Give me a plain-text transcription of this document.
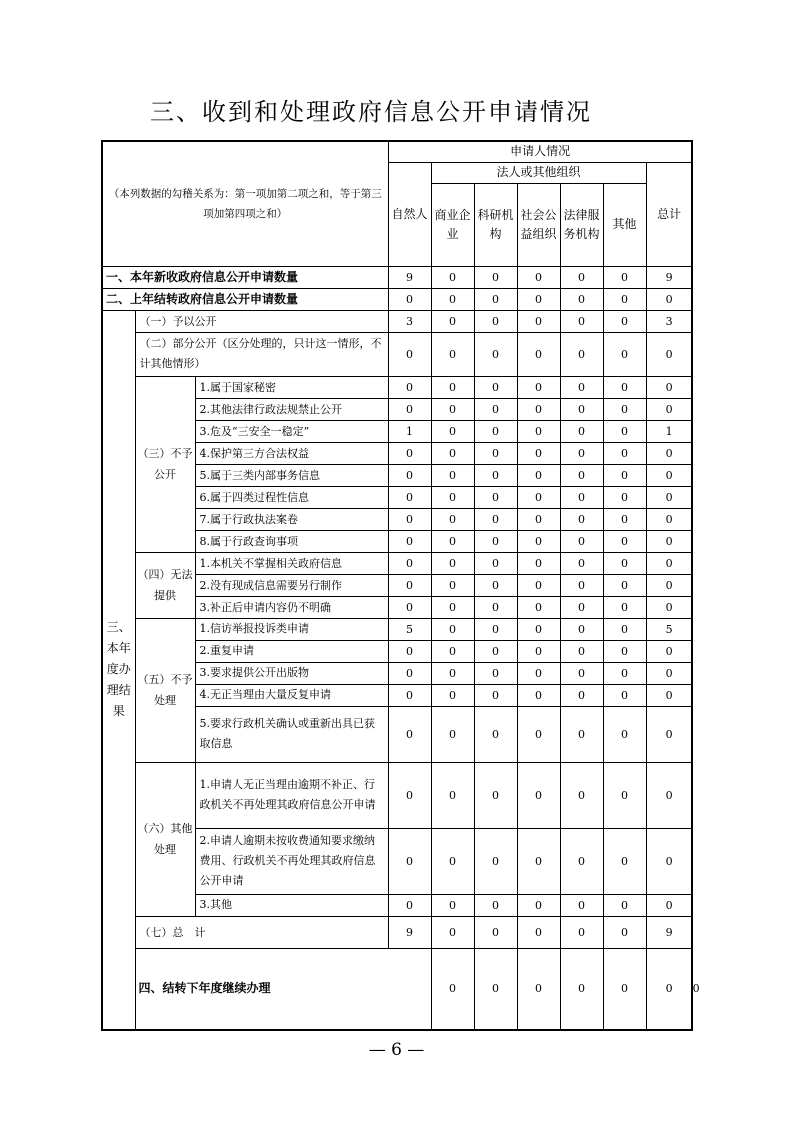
三、收到和处理政府信息公开申请情况
（本列数据的勾稽关系为：第一项加第二项之和，等于第三项加第四项之和）			申请人情况							
			自然人	法人或其他组织					总计	
				商业企业	科研机构	社会公益组织	法律服务机构	其他		
一、本年新收政府信息公开申请数量			9	0	0	0	0	0	9	
二、上年结转政府信息公开申请数量			0	0	0	0	0	0	0	
三、本年度办理结果	（一）予以公开		3	0	0	0	0	0	3	
	（二）部分公开（区分处理的，只计这一情形，不计其他情形）		0	0	0	0	0	0	0	
	（三）不予公开	1.属于国家秘密	0	0	0	0	0	0	0	
		2.其他法律行政法规禁止公开	0	0	0	0	0	0	0	
		3.危及“三安全一稳定”	1	0	0	0	0	0	1	
		4.保护第三方合法权益	0	0	0	0	0	0	0	
		5.属于三类内部事务信息	0	0	0	0	0	0	0	
		6.属于四类过程性信息	0	0	0	0	0	0	0	
		7.属于行政执法案卷	0	0	0	0	0	0	0	
		8.属于行政查询事项	0	0	0	0	0	0	0	
	（四）无法提供	1.本机关不掌握相关政府信息	0	0	0	0	0	0	0	
		2.没有现成信息需要另行制作	0	0	0	0	0	0	0	
		3.补正后申请内容仍不明确	0	0	0	0	0	0	0	
	（五）不予处理	1.信访举报投诉类申请	5	0	0	0	0	0	5	
		2.重复申请	0	0	0	0	0	0	0	
		3.要求提供公开出版物	0	0	0	0	0	0	0	
		4.无正当理由大量反复申请	0	0	0	0	0	0	0	
		5.要求行政机关确认或重新出具已获取信息	0	0	0	0	0	0	0	
	（六）其他处理	1.申请人无正当理由逾期不补正、行政机关不再处理其政府信息公开申请	0	0	0	0	0	0	0	
		2.申请人逾期未按收费通知要求缴纳费用、行政机关不再处理其政府信息公开申请	0	0	0	0	0	0	0	
		3.其他	0	0	0	0	0	0	0	
	（七）总　计		9	0	0	0	0	0	9	
	四、结转下年度继续办理			0	0	0	0	0	0	0
— 6 —
